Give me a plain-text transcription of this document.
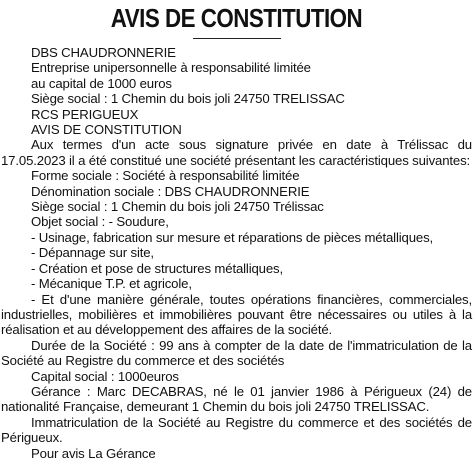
AVIS DE CONSTITUTION

DBS CHAUDRONNERIE

Entreprise unipersonnelle à responsabilité limitée

au capital de 1000 euros

Siège social : 1 Chemin du bois joli 24750 TRELISSAC

RCS PERIGUEUX

AVIS DE CONSTITUTION

Aux termes d'un acte sous signature privée en date à Trélissac du 17.05.2023 il a été constitué une société présentant les caractéristiques suivantes:

Forme sociale : Société à responsabilité limitée

Dénomination sociale : DBS CHAUDRONNERIE

Siège social : 1 Chemin du bois joli 24750 Trélissac

Objet social : - Soudure,

- Usinage, fabrication sur mesure et réparations de pièces métalliques,

- Dépannage sur site,

- Création et pose de structures métalliques,

- Mécanique T.P. et agricole,

- Et d'une manière générale, toutes opérations financières, commerciales, industrielles, mobilières et immobilières pouvant être nécessaires ou utiles à la réalisation et au développement des affaires de la société.

Durée de la Société : 99 ans à compter de la date de l'immatriculation de la Société au Registre du commerce et des sociétés

Capital social : 1000euros

Gérance : Marc DECABRAS, né le 01 janvier 1986 à Périgueux (24) de nationalité Française, demeurant 1 Chemin du bois joli 24750 TRELISSAC.

Immatriculation de la Société au Registre du commerce et des sociétés de Périgueux.

Pour avis La Gérance
